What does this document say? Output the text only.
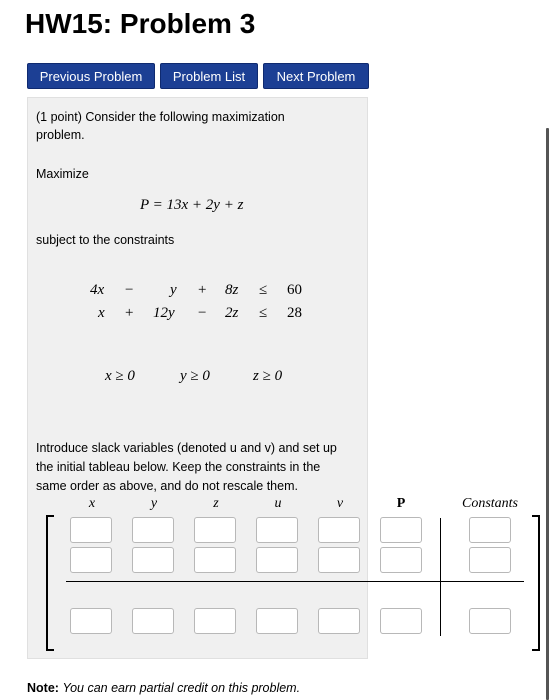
HW15: Problem 3
Previous Problem	Problem List	Next Problem
(1 point) Consider the following maximization
problem.
Maximize
P = 13x + 2y + z
subject to the constraints
4x − y + 8z ≤ 60
x + 12y − 2z ≤ 28
x ≥ 0	y ≥ 0	z ≥ 0
Introduce slack variables (denoted u and v) and set up
the initial tableau below. Keep the constraints in the
same order as above, and do not rescale them.
x	y	z	u	v	P	Constants
Note: You can earn partial credit on this problem.
